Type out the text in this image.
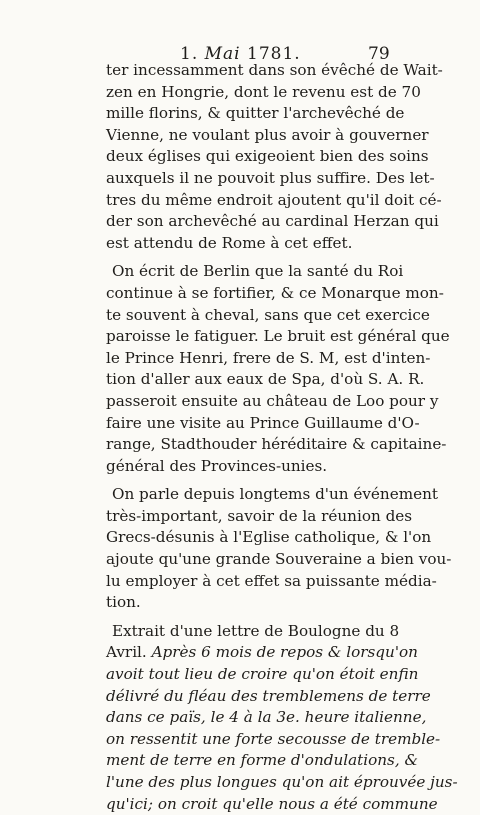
1. Mai 1781.	79
ter incessamment dans son évêché de Wait-
zen en Hongrie, dont le revenu est de 70
mille florins, & quitter l'archevêché de
Vienne, ne voulant plus avoir à gouverner
deux églises qui exigeoient bien des soins
auxquels il ne pouvoit plus suffire. Des let-
tres du même endroit ajoutent qu'il doit cé-
der son archevêché au cardinal Herzan qui
est attendu de Rome à cet effet.
On écrit de Berlin que la santé du Roi
continue à se fortifier, & ce Monarque mon-
te souvent à cheval, sans que cet exercice
paroisse le fatiguer. Le bruit est général que
le Prince Henri, frere de S. M, est d'inten-
tion d'aller aux eaux de Spa, d'où S. A. R.
passeroit ensuite au château de Loo pour y
faire une visite au Prince Guillaume d'O-
range, Stadthouder héréditaire & capitaine-
général des Provinces-unies.
On parle depuis longtems d'un événement
très-important, savoir de la réunion des
Grecs-désunis à l'Eglise catholique, & l'on
ajoute qu'une grande Souveraine a bien vou-
lu employer à cet effet sa puissante média-
tion.
Extrait d'une lettre de Boulogne du 8
Avril. Après 6 mois de repos & lorsqu'on
avoit tout lieu de croire qu'on étoit enfin
délivré du fléau des tremblemens de terre
dans ce païs, le 4 à la 3e. heure italienne,
on ressentit une forte secousse de tremble-
ment de terre en forme d'ondulations, &
l'une des plus longues qu'on ait éprouvée jus-
qu'ici; on croit qu'elle nous a été commune
